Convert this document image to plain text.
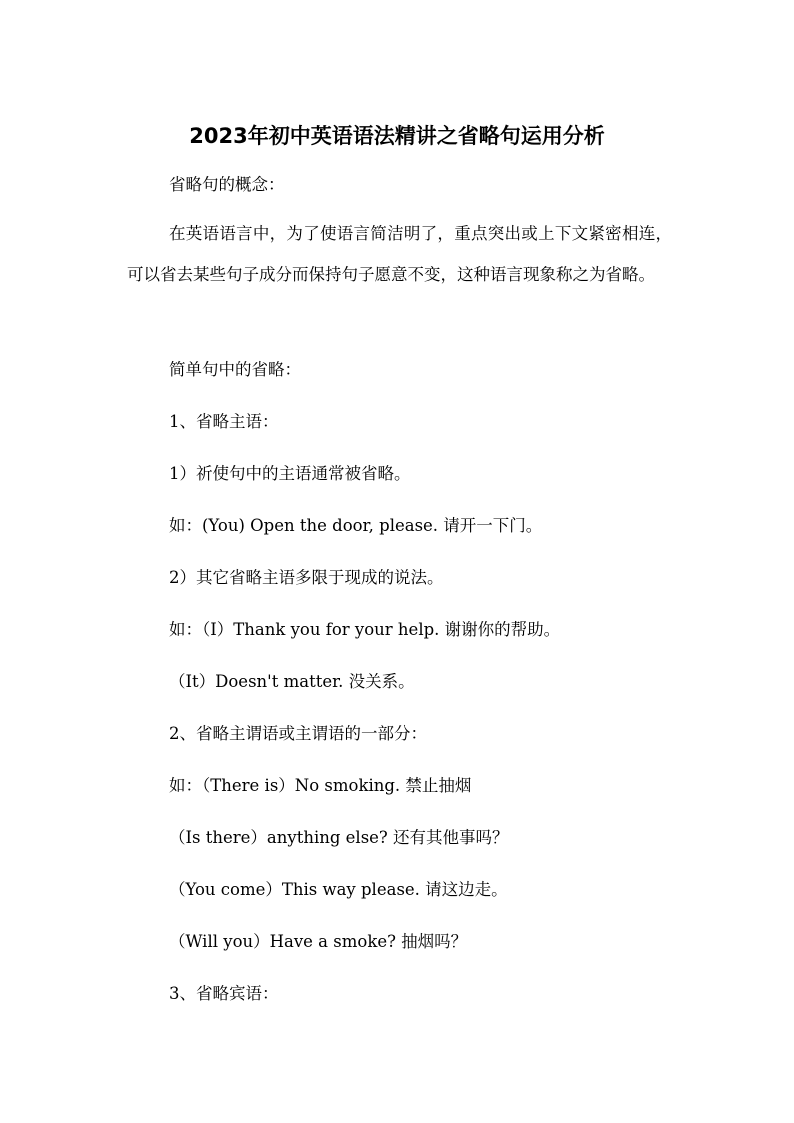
2023年初中英语语法精讲之省略句运用分析
省略句的概念：
在英语语言中，为了使语言简洁明了，重点突出或上下文紧密相连，可以省去某些句子成分而保持句子愿意不变，这种语言现象称之为省略。
简单句中的省略：
1、省略主语：
1）祈使句中的主语通常被省略。
如：(You) Open the door, please. 请开一下门。
2）其它省略主语多限于现成的说法。
如：（I）Thank you for your help. 谢谢你的帮助。
（It）Doesn't matter. 没关系。
2、省略主谓语或主谓语的一部分：
如：（There is）No smoking. 禁止抽烟
（Is there）anything else? 还有其他事吗？
（You come）This way please. 请这边走。
（Will you）Have a smoke? 抽烟吗？
3、省略宾语：
